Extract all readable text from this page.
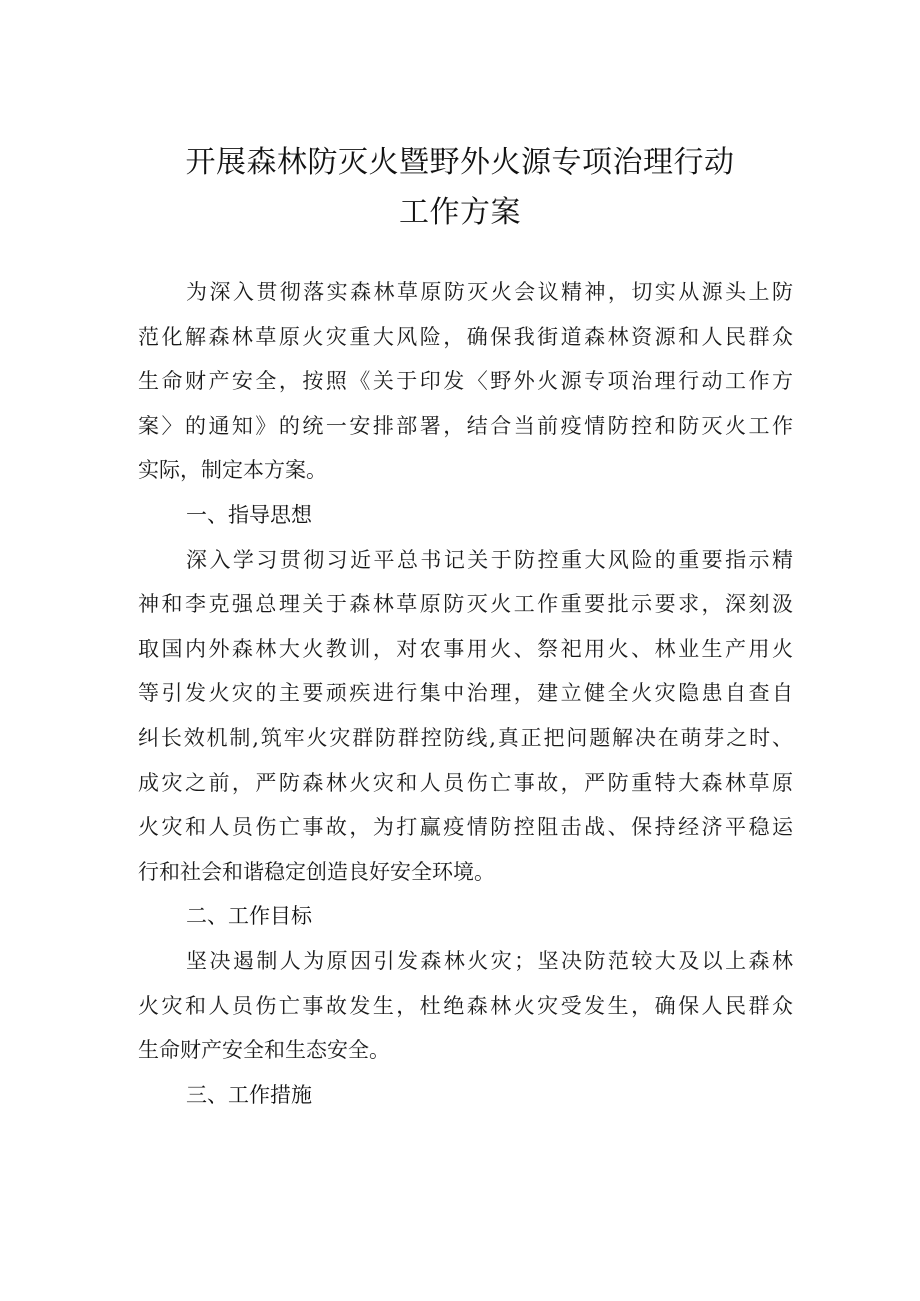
开展森林防灭火暨野外火源专项治理行动
工作方案
为深入贯彻落实森林草原防灭火会议精神，切实从源头上防
范化解森林草原火灾重大风险，确保我街道森林资源和人民群众
生命财产安全，按照《关于印发〈野外火源专项治理行动工作方
案〉的通知》的统一安排部署，结合当前疫情防控和防灭火工作
实际，制定本方案。
一、指导思想
深入学习贯彻习近平总书记关于防控重大风险的重要指示精
神和李克强总理关于森林草原防灭火工作重要批示要求，深刻汲
取国内外森林大火教训，对农事用火、祭祀用火、林业生产用火
等引发火灾的主要顽疾进行集中治理，建立健全火灾隐患自查自
纠长效机制,筑牢火灾群防群控防线,真正把问题解决在萌芽之时、
成灾之前，严防森林火灾和人员伤亡事故，严防重特大森林草原
火灾和人员伤亡事故，为打赢疫情防控阻击战、保持经济平稳运
行和社会和谐稳定创造良好安全环境。
二、工作目标
坚决遏制人为原因引发森林火灾；坚决防范较大及以上森林
火灾和人员伤亡事故发生，杜绝森林火灾受发生，确保人民群众
生命财产安全和生态安全。
三、工作措施
